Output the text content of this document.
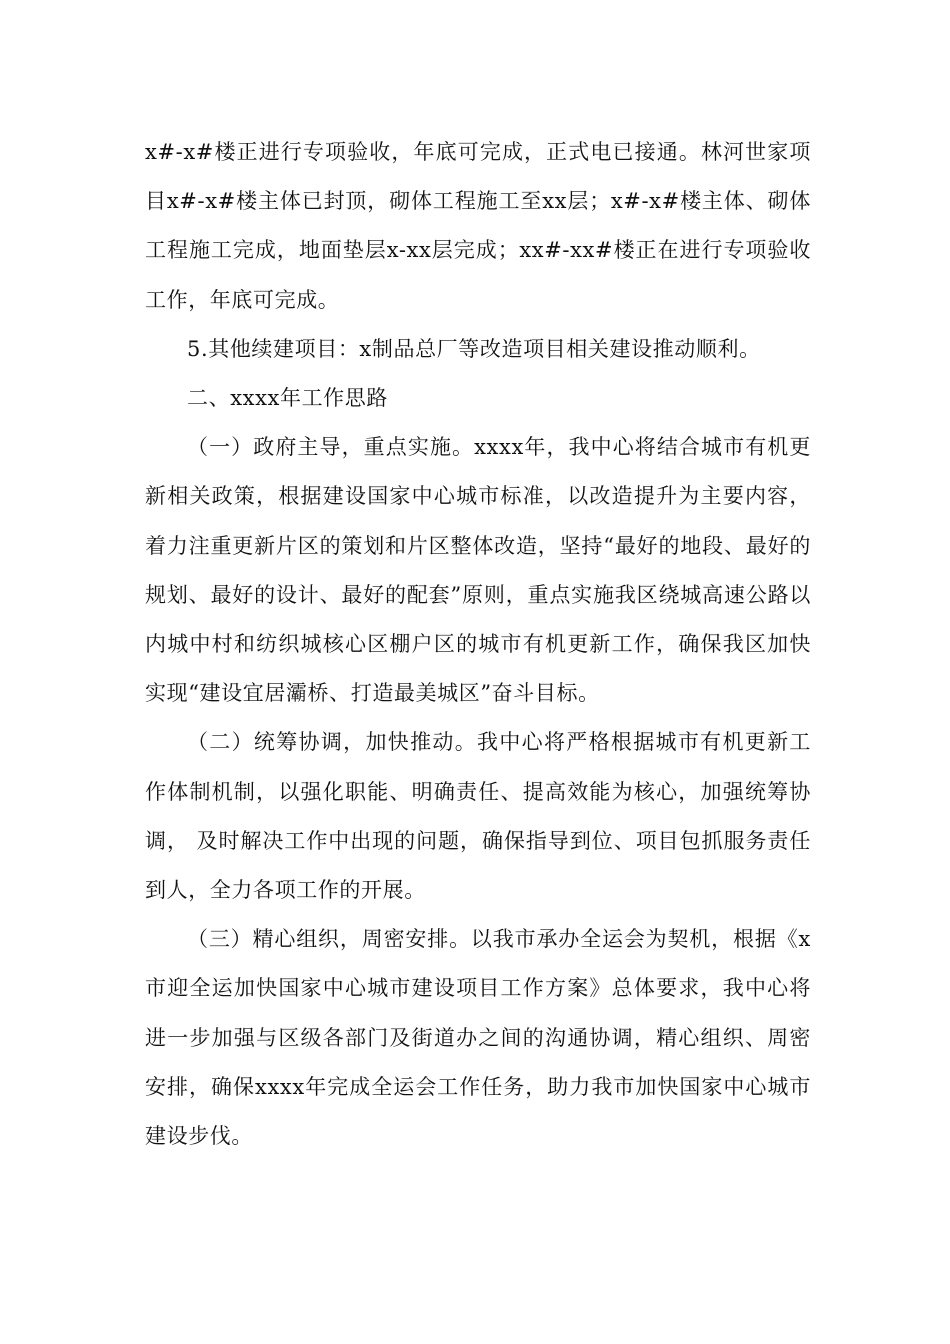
x#-x#楼正进行专项验收，年底可完成，正式电已接通。林河世家项目x#-x#楼主体已封顶，砌体工程施工至xx层；x#-x#楼主体、砌体工程施工完成，地面垫层x-xx层完成；xx#-xx#楼正在进行专项验收工作，年底可完成。

5.其他续建项目：x制品总厂等改造项目相关建设推动顺利。

二、xxxx年工作思路

（一）政府主导，重点实施。xxxx年，我中心将结合城市有机更新相关政策，根据建设国家中心城市标准，以改造提升为主要内容，着力注重更新片区的策划和片区整体改造，坚持“最好的地段、最好的规划、最好的设计、最好的配套”原则，重点实施我区绕城高速公路以内城中村和纺织城核心区棚户区的城市有机更新工作，确保我区加快实现“建设宜居灞桥、打造最美城区”奋斗目标。

（二）统筹协调，加快推动。我中心将严格根据城市有机更新工作体制机制，以强化职能、明确责任、提高效能为核心，加强统筹协调， 及时解决工作中出现的问题，确保指导到位、项目包抓服务责任到人，全力各项工作的开展。

（三）精心组织，周密安排。以我市承办全运会为契机，根据《x市迎全运加快国家中心城市建设项目工作方案》总体要求，我中心将进一步加强与区级各部门及街道办之间的沟通协调，精心组织、周密安排，确保xxxx年完成全运会工作任务，助力我市加快国家中心城市建设步伐。
